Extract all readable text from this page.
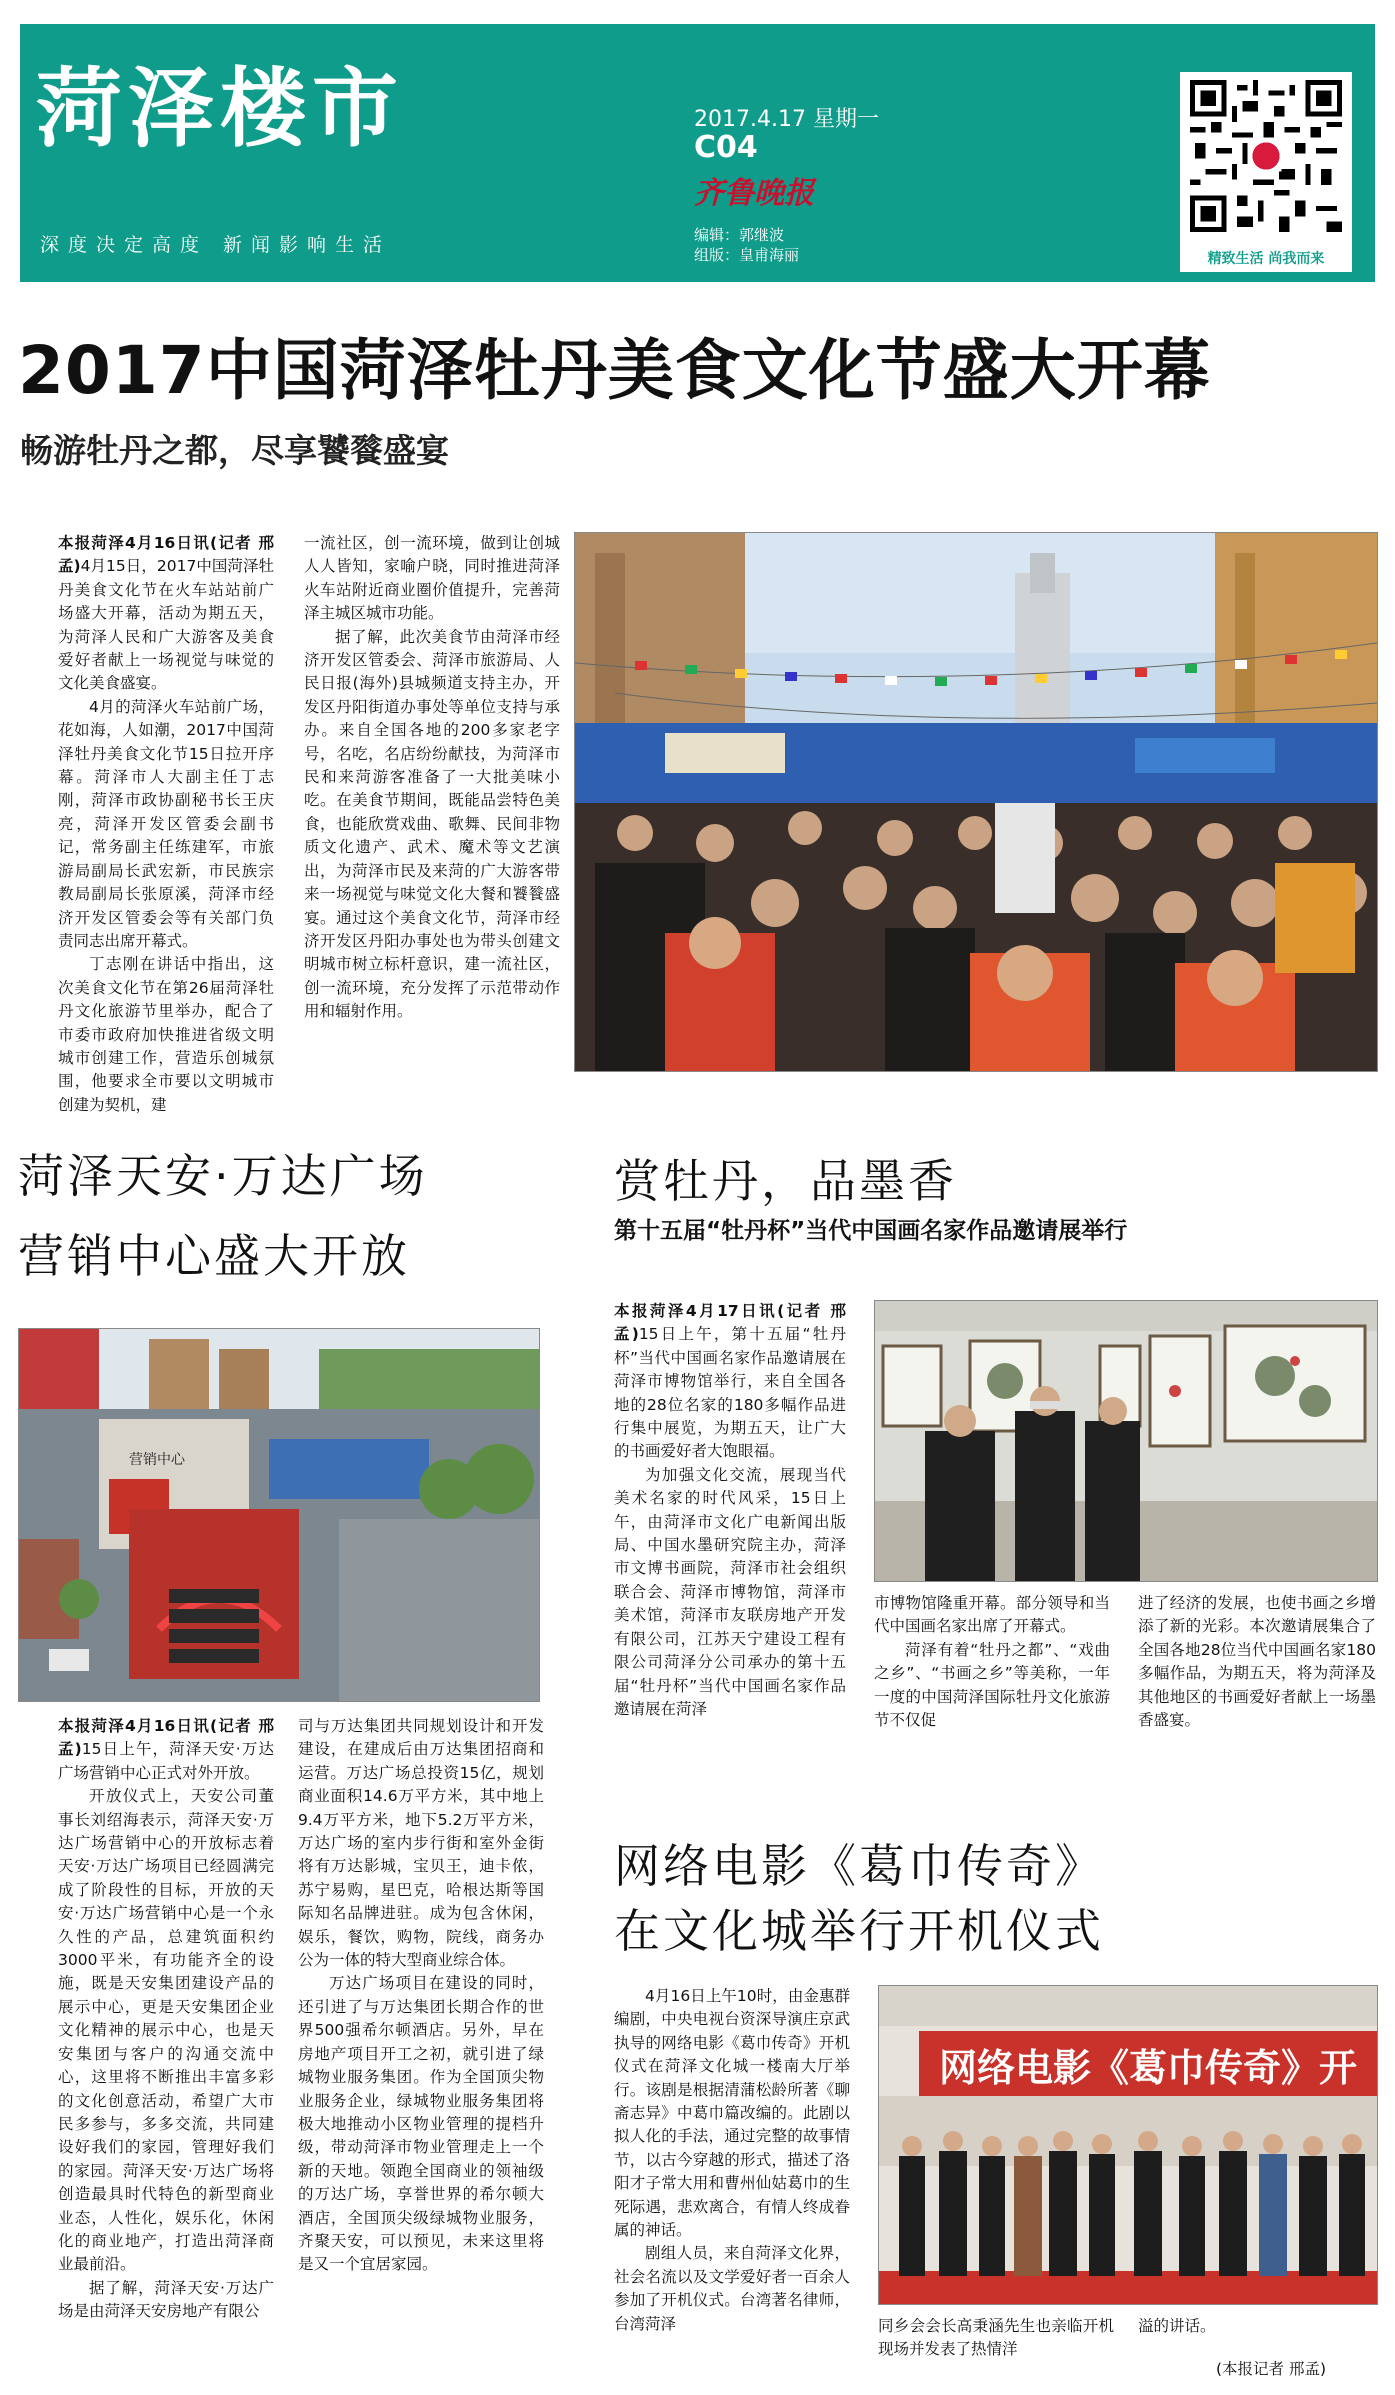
菏泽楼市
深度决定高度 新闻影响生活
2017.4.17 星期一
C04
齐鲁晚报
编辑：郭继波
组版：皇甫海丽	精致生活 尚我而来
2017中国菏泽牡丹美食文化节盛大开幕
畅游牡丹之都，尽享饕餮盛宴

本报菏泽4月16日讯(记者 邢孟)4月15日，2017中国菏泽牡丹美食文化节在火车站站前广场盛大开幕，活动为期五天，为菏泽人民和广大游客及美食爱好者献上一场视觉与味觉的文化美食盛宴。

4月的菏泽火车站前广场，花如海，人如潮，2017中国菏泽牡丹美食文化节15日拉开序幕。菏泽市人大副主任丁志刚，菏泽市政协副秘书长王庆亮，菏泽开发区管委会副书记，常务副主任练建军，市旅游局副局长武宏新，市民族宗教局副局长张原溪，菏泽市经济开发区管委会等有关部门负责同志出席开幕式。

丁志刚在讲话中指出，这次美食文化节在第26届菏泽牡丹文化旅游节里举办，配合了市委市政府加快推进省级文明城市创建工作，营造乐创城氛围，他要求全市要以文明城市创建为契机，建

一流社区，创一流环境，做到让创城人人皆知，家喻户晓，同时推进菏泽火车站附近商业圈价值提升，完善菏泽主城区城市功能。

据了解，此次美食节由菏泽市经济开发区管委会、菏泽市旅游局、人民日报(海外)县城频道支持主办，开发区丹阳街道办事处等单位支持与承办。来自全国各地的200多家老字号，名吃，名店纷纷献技，为菏泽市民和来菏游客准备了一大批美味小吃。在美食节期间，既能品尝特色美食，也能欣赏戏曲、歌舞、民间非物质文化遗产、武术、魔术等文艺演出，为菏泽市民及来菏的广大游客带来一场视觉与味觉文化大餐和饕餮盛宴。通过这个美食文化节，菏泽市经济开发区丹阳办事处也为带头创建文明城市树立标杆意识，建一流社区，创一流环境，充分发挥了示范带动作用和辐射作用。

菏泽天安·万达广场
营销中心盛大开放
营销中心

本报菏泽4月16日讯(记者 邢孟)15日上午，菏泽天安·万达广场营销中心正式对外开放。

开放仪式上，天安公司董事长刘绍海表示，菏泽天安·万达广场营销中心的开放标志着天安·万达广场项目已经圆满完成了阶段性的目标，开放的天安·万达广场营销中心是一个永久性的产品，总建筑面积约3000平米，有功能齐全的设施，既是天安集团建设产品的展示中心，更是天安集团企业文化精神的展示中心，也是天安集团与客户的沟通交流中心，这里将不断推出丰富多彩的文化创意活动，希望广大市民多参与，多多交流，共同建设好我们的家园，管理好我们的家园。菏泽天安·万达广场将创造最具时代特色的新型商业业态，人性化，娱乐化，休闲化的商业地产，打造出菏泽商业最前沿。

据了解，菏泽天安·万达广场是由菏泽天安房地产有限公

司与万达集团共同规划设计和开发建设，在建成后由万达集团招商和运营。万达广场总投资15亿，规划商业面积14.6万平方米，其中地上9.4万平方米，地下5.2万平方米，万达广场的室内步行街和室外金街将有万达影城，宝贝王，迪卡侬，苏宁易购，星巴克，哈根达斯等国际知名品牌进驻。成为包含休闲，娱乐，餐饮，购物，院线，商务办公为一体的特大型商业综合体。

万达广场项目在建设的同时，还引进了与万达集团长期合作的世界500强希尔顿酒店。另外，早在房地产项目开工之初，就引进了绿城物业服务集团。作为全国顶尖物业服务企业，绿城物业服务集团将极大地推动小区物业管理的提档升级，带动菏泽市物业管理走上一个新的天地。领跑全国商业的领袖级的万达广场，享誉世界的希尔顿大酒店，全国顶尖级绿城物业服务，齐聚天安，可以预见，未来这里将是又一个宜居家园。

赏牡丹，品墨香
第十五届“牡丹杯”当代中国画名家作品邀请展举行

本报菏泽4月17日讯(记者 邢孟)15日上午，第十五届“牡丹杯”当代中国画名家作品邀请展在菏泽市博物馆举行，来自全国各地的28位名家的180多幅作品进行集中展览，为期五天，让广大的书画爱好者大饱眼福。

为加强文化交流，展现当代美术名家的时代风采，15日上午，由菏泽市文化广电新闻出版局、中国水墨研究院主办，菏泽市文博书画院，菏泽市社会组织联合会、菏泽市博物馆，菏泽市美术馆，菏泽市友联房地产开发有限公司，江苏天宁建设工程有限公司菏泽分公司承办的第十五届“牡丹杯”当代中国画名家作品邀请展在菏泽

市博物馆隆重开幕。部分领导和当代中国画名家出席了开幕式。

菏泽有着“牡丹之都”、“戏曲之乡”、“书画之乡”等美称，一年一度的中国菏泽国际牡丹文化旅游节不仅促

进了经济的发展，也使书画之乡增添了新的光彩。本次邀请展集合了全国各地28位当代中国画名家180多幅作品，为期五天，将为菏泽及其他地区的书画爱好者献上一场墨香盛宴。

网络电影《葛巾传奇》
在文化城举行开机仪式

4月16日上午10时，由金惠群编剧，中央电视台资深导演庄京武执导的网络电影《葛巾传奇》开机仪式在菏泽文化城一楼南大厅举行。该剧是根据清蒲松龄所著《聊斋志异》中葛巾篇改编的。此剧以拟人化的手法，通过完整的故事情节，以古今穿越的形式，描述了洛阳才子常大用和曹州仙姑葛巾的生死际遇，悲欢离合，有情人终成眷属的神话。

剧组人员，来自菏泽文化界，社会名流以及文学爱好者一百余人参加了开机仪式。台湾著名律师，台湾菏泽

网络电影《葛巾传奇》开

同乡会会长高秉涵先生也亲临开机现场并发表了热情洋

溢的讲话。

(本报记者 邢孟)
